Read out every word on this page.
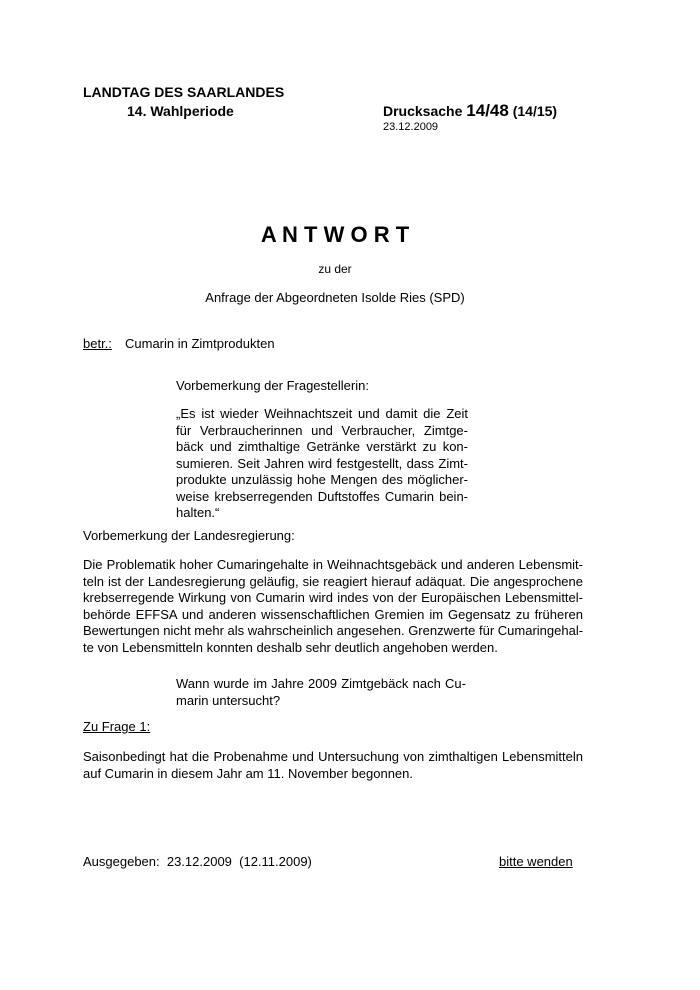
LANDTAG DES SAARLANDES
14. Wahlperiode	Drucksache 14/48 (14/15)
23.12.2009
A N T W O R T
zu der
Anfrage der Abgeordneten Isolde Ries (SPD)
betr.: Cumarin in Zimtprodukten
Vorbemerkung der Fragestellerin:
„Es ist wieder Weihnachtszeit und damit die Zeit
für Verbraucherinnen und Verbraucher, Zimtge-
bäck und zimthaltige Getränke verstärkt zu kon-
sumieren. Seit Jahren wird festgestellt, dass Zimt-
produkte unzulässig hohe Mengen des möglicher-
weise krebserregenden Duftstoffes Cumarin bein-
halten.“
Vorbemerkung der Landesregierung:
Die Problematik hoher Cumaringehalte in Weihnachtsgebäck und anderen Lebensmit-
teln ist der Landesregierung geläufig, sie reagiert hierauf adäquat. Die angesprochene
krebserregende Wirkung von Cumarin wird indes von der Europäischen Lebensmittel-
behörde EFFSA und anderen wissenschaftlichen Gremien im Gegensatz zu früheren
Bewertungen nicht mehr als wahrscheinlich angesehen. Grenzwerte für Cumaringehal-
te von Lebensmitteln konnten deshalb sehr deutlich angehoben werden.
Wann wurde im Jahre 2009 Zimtgebäck nach Cu-
marin untersucht?
Zu Frage 1:
Saisonbedingt hat die Probenahme und Untersuchung von zimthaltigen Lebensmitteln
auf Cumarin in diesem Jahr am 11. November begonnen.
Ausgegeben:  23.12.2009  (12.11.2009)	bitte wenden
